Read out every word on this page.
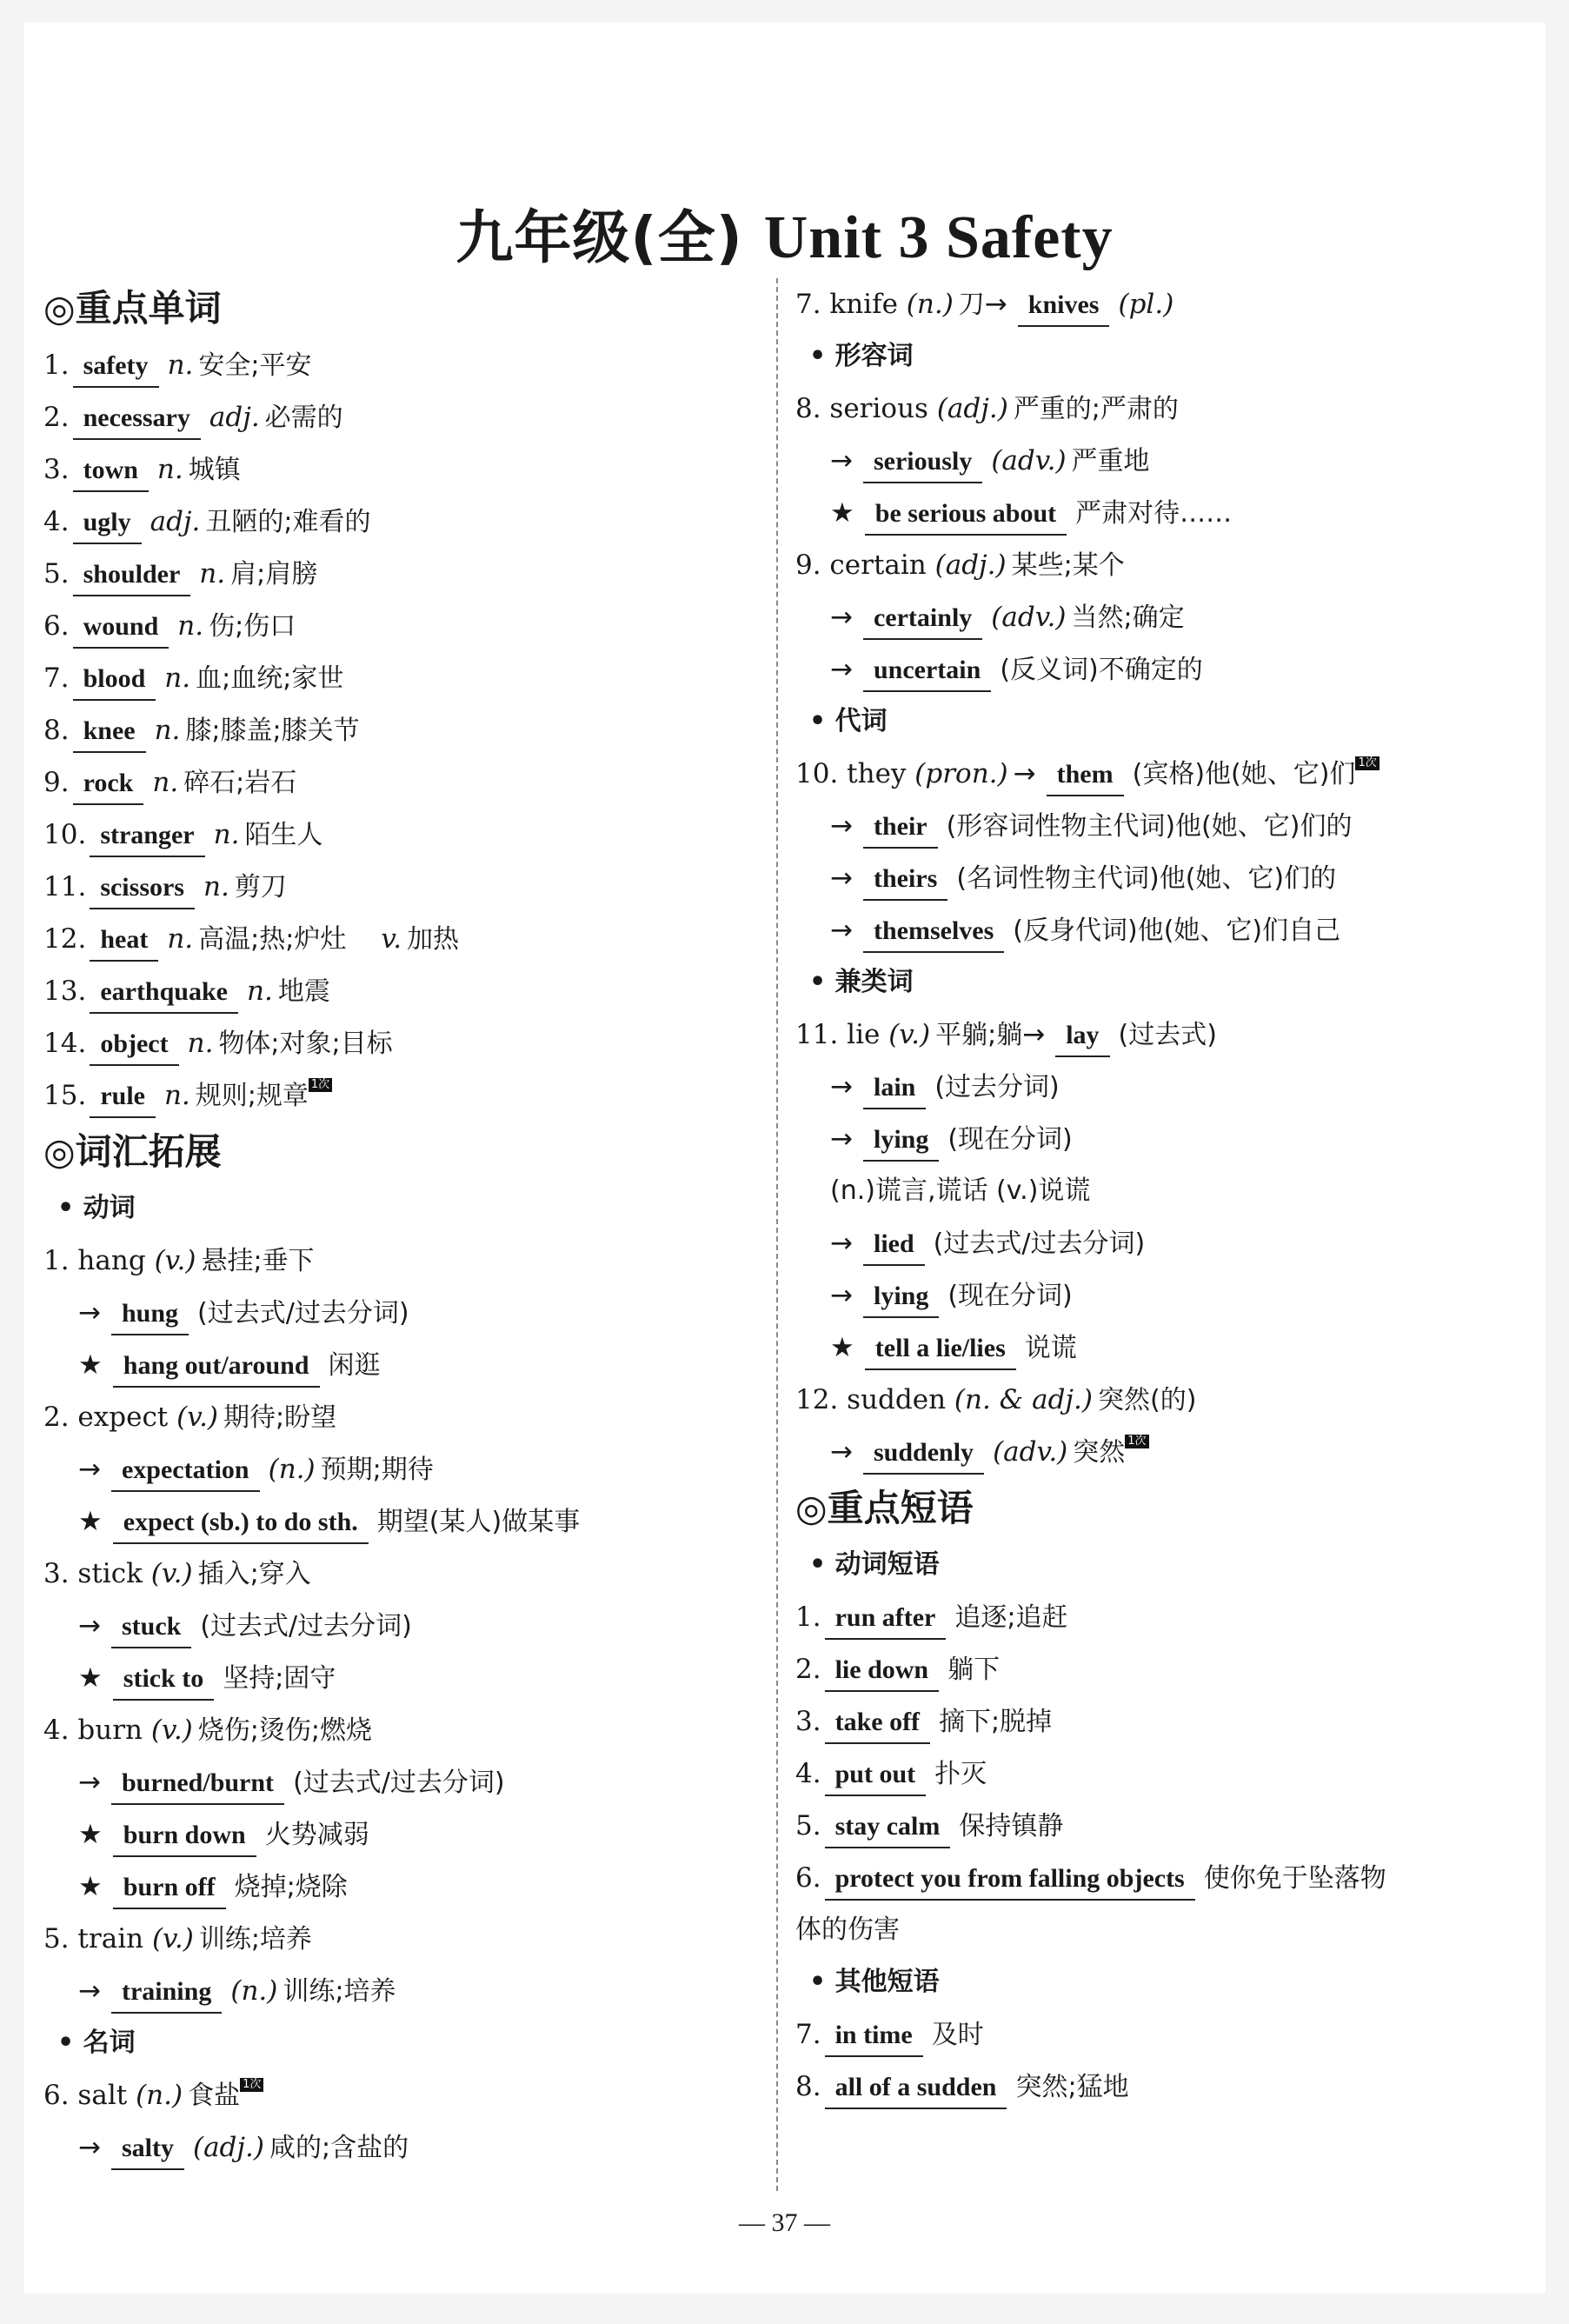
九年级(全) Unit 3 Safety
◎重点单词
1. safety n. 安全;平安
2. necessary adj. 必需的
3. town n. 城镇
4. ugly adj. 丑陋的;难看的
5. shoulder n. 肩;肩膀
6. wound n. 伤;伤口
7. blood n. 血;血统;家世
8. knee n. 膝;膝盖;膝关节
9. rock n. 碎石;岩石
10. stranger n. 陌生人
11. scissors n. 剪刀
12. heat n. 高温;热;炉灶 v. 加热
13. earthquake n. 地震
14. object n. 物体;对象;目标
15. rule n. 规则;规章 1次
◎词汇拓展
• 动词
1. hang (v.) 悬挂;垂下
→ hung (过去式/过去分词)
★ hang out/around 闲逛
2. expect (v.) 期待;盼望
→ expectation (n.) 预期;期待
★ expect (sb.) to do sth. 期望(某人)做某事
3. stick (v.) 插入;穿入
→ stuck (过去式/过去分词)
★ stick to 坚持;固守
4. burn (v.) 烧伤;烫伤;燃烧
→ burned/burnt (过去式/过去分词)
★ burn down 火势减弱
★ burn off 烧掉;烧除
5. train (v.) 训练;培养
→ training (n.) 训练;培养
• 名词
6. salt (n.) 食盐 1次
→ salty (adj.) 咸的;含盐的
7. knife (n.) 刀→ knives (pl.)
• 形容词
8. serious (adj.) 严重的;严肃的
→ seriously (adv.) 严重地
★ be serious about 严肃对待……
9. certain (adj.) 某些;某个
→ certainly (adv.) 当然;确定
→ uncertain (反义词)不确定的
• 代词
10. they (pron.) → them (宾格)他(她、它)们 1次
→ their (形容词性物主代词)他(她、它)们的
→ theirs (名词性物主代词)他(她、它)们的
→ themselves (反身代词)他(她、它)们自己
• 兼类词
11. lie (v.) 平躺;躺→ lay (过去式)
→ lain (过去分词)
→ lying (现在分词)
(n.)谎言,谎话 (v.)说谎
→ lied (过去式/过去分词)
→ lying (现在分词)
★ tell a lie/lies 说谎
12. sudden (n. & adj.) 突然(的)
→ suddenly (adv.) 突然 1次
◎重点短语
• 动词短语
1. run after 追逐;追赶
2. lie down 躺下
3. take off 摘下;脱掉
4. put out 扑灭
5. stay calm 保持镇静
6. protect you from falling objects 使你免于坠落物
体的伤害
• 其他短语
7. in time 及时
8. all of a sudden 突然;猛地
— 37 —
